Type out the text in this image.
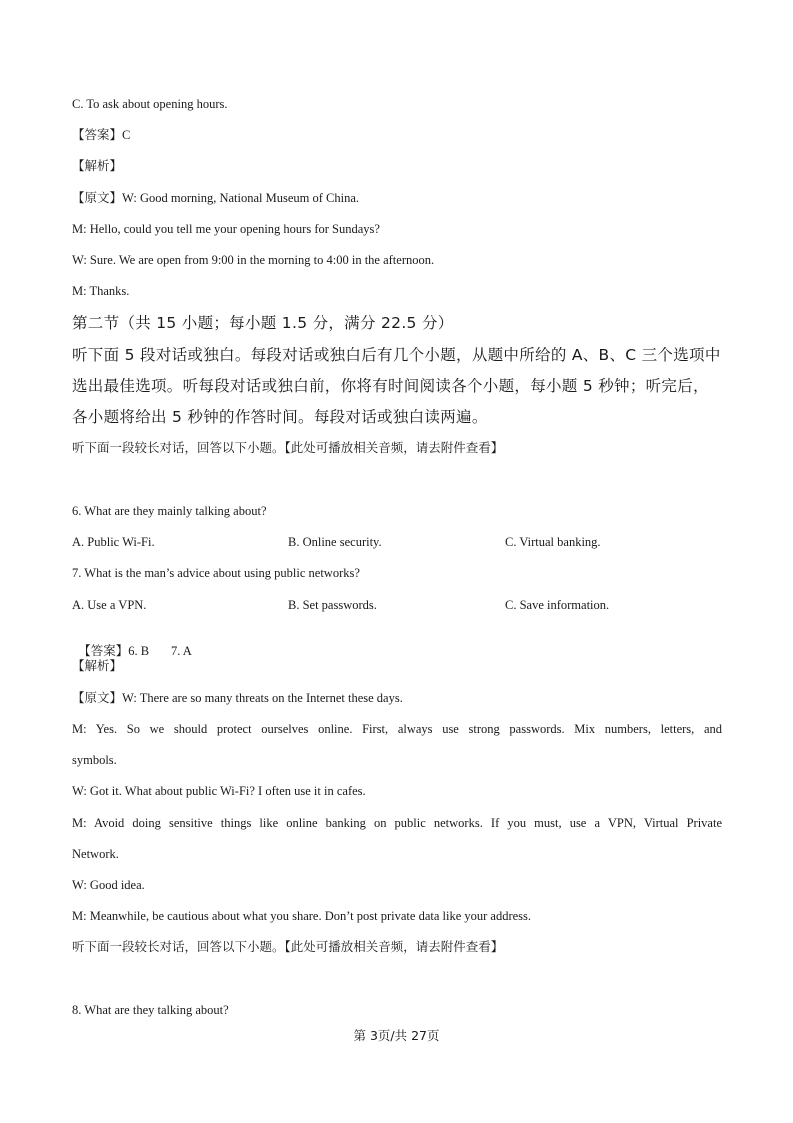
C. To ask about opening hours.
【答案】C
【解析】
【原文】W: Good morning, National Museum of China.
M: Hello, could you tell me your opening hours for Sundays?
W: Sure. We are open from 9:00 in the morning to 4:00 in the afternoon.
M: Thanks.
第二节（共 15 小题；每小题 1.5 分，满分 22.5 分）
听下面 5 段对话或独白。每段对话或独白后有几个小题，从题中所给的 A、B、C 三个选项中
选出最佳选项。听每段对话或独白前，你将有时间阅读各个小题，每小题 5 秒钟；听完后，
各小题将给出 5 秒钟的作答时间。每段对话或独白读两遍。
听下面一段较长对话，回答以下小题。【此处可播放相关音频，请去附件查看】
6. What are they mainly talking about?
A. Public Wi-Fi.	B. Online security.	C. Virtual banking.
7. What is the man’s advice about using public networks?
A. Use a VPN.	B. Set passwords.	C. Save information.

【答案】6. B       7. A

【解析】
【原文】W: There are so many threats on the Internet these days.
M: Yes. So we should protect ourselves online. First, always use strong passwords. Mix numbers, letters, and
symbols.
W: Got it. What about public Wi-Fi? I often use it in cafes.
M: Avoid doing sensitive things like online banking on public networks. If you must, use a VPN, Virtual Private
Network.
W: Good idea.
M: Meanwhile, be cautious about what you share. Don’t post private data like your address.
听下面一段较长对话，回答以下小题。【此处可播放相关音频，请去附件查看】
8. What are they talking about?
第 3页/共 27页
